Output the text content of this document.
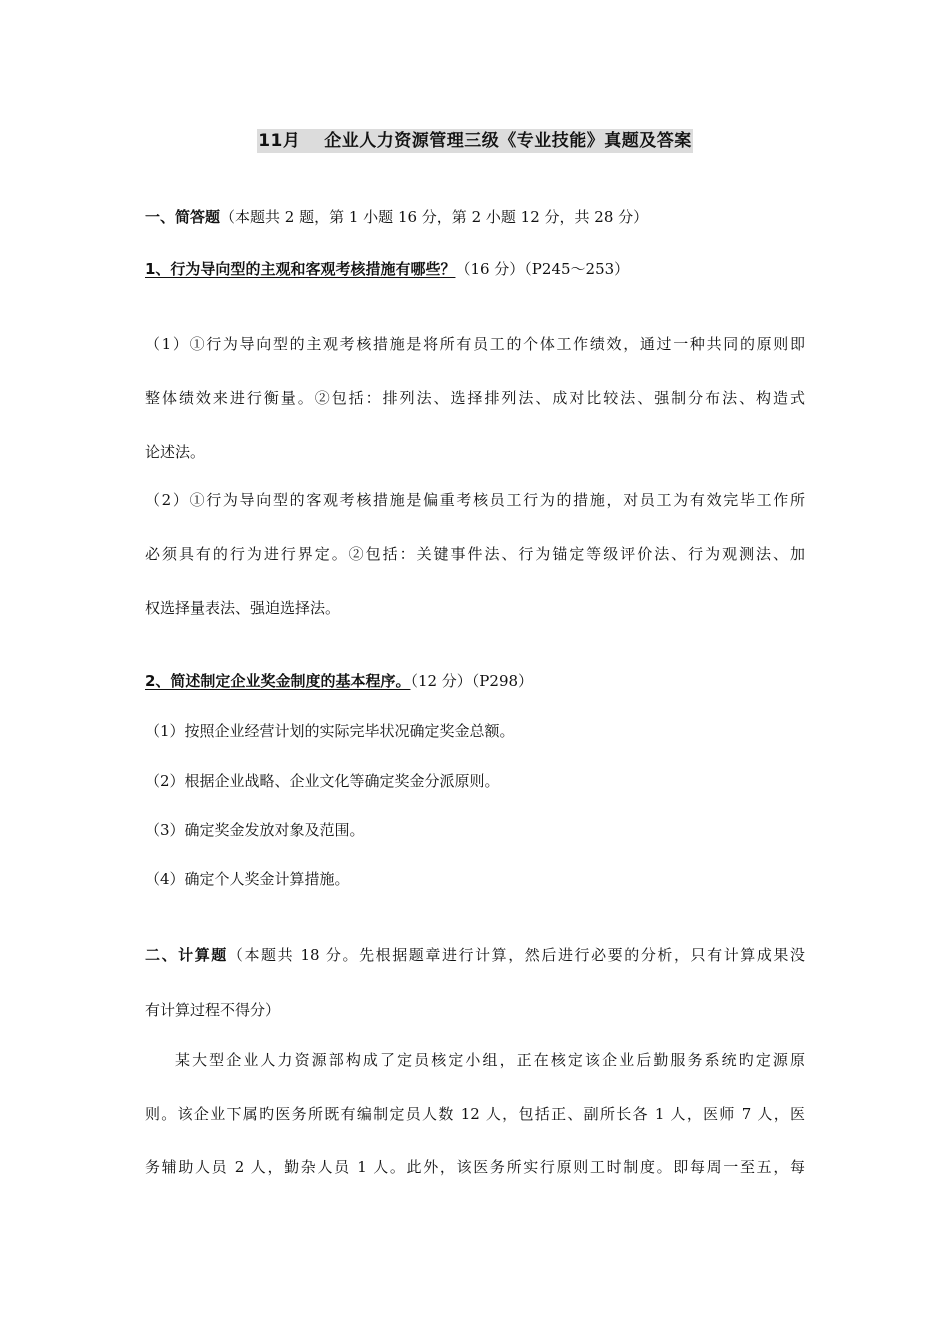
11月　 企业人力资源管理三级《专业技能》真题及答案
一、简答题（本题共 2 题，第 1 小题 16 分，第 2 小题 12 分，共 28 分）
1、行为导向型的主观和客观考核措施有哪些？（16 分）（P245～253）
（1）①行为导向型的主观考核措施是将所有员工的个体工作绩效，通过一种共同的原则即
整体绩效来进行衡量。②包括：排列法、选择排列法、成对比较法、强制分布法、构造式
论述法。
（2）①行为导向型的客观考核措施是偏重考核员工行为的措施，对员工为有效完毕工作所
必须具有的行为进行界定。②包括：关键事件法、行为锚定等级评价法、行为观测法、加
权选择量表法、强迫选择法。
2、简述制定企业奖金制度的基本程序。（12 分）（P298）
（1）按照企业经营计划的实际完毕状况确定奖金总额。
（2）根据企业战略、企业文化等确定奖金分派原则。
（3）确定奖金发放对象及范围。
（4）确定个人奖金计算措施。
二、计算题（本题共 18 分。先根据题章进行计算，然后进行必要的分析，只有计算成果没
有计算过程不得分）
某大型企业人力资源部构成了定员核定小组，正在核定该企业后勤服务系统旳定源原
则。该企业下属旳医务所既有编制定员人数 12 人，包括正、副所长各 1 人，医师 7 人，医
务辅助人员 2 人，勤杂人员 1 人。此外，该医务所实行原则工时制度。即每周一至五，每
